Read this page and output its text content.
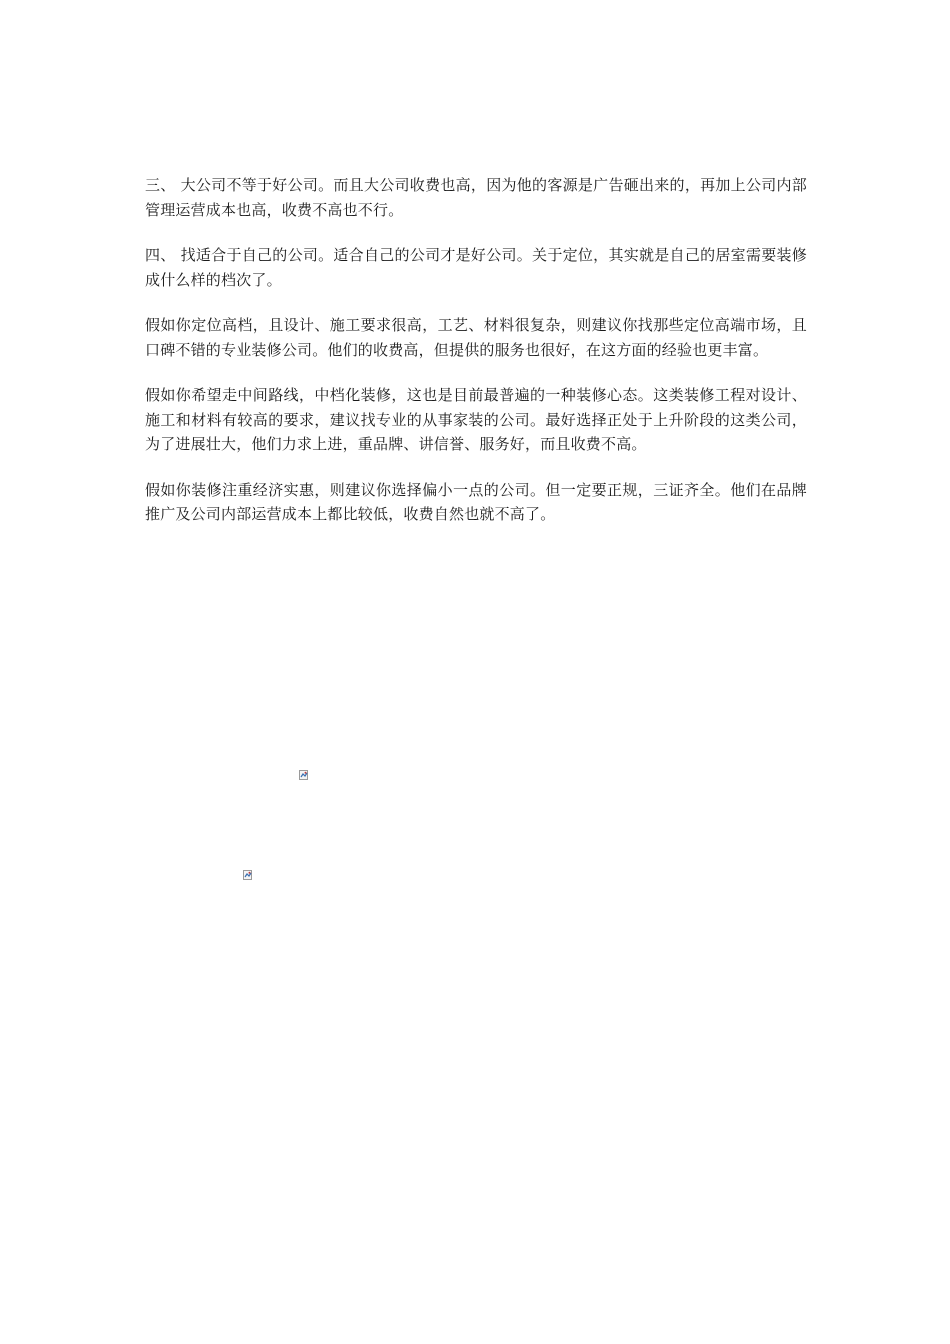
三、 大公司不等于好公司。而且大公司收费也高，因为他的客源是广告砸出来的，再加上公司内部管理运营成本也高，收费不高也不行。

四、 找适合于自己的公司。适合自己的公司才是好公司。关于定位，其实就是自己的居室需要装修成什么样的档次了。

假如你定位高档，且设计、施工要求很高，工艺、材料很复杂，则建议你找那些定位高端市场，且口碑不错的专业装修公司。他们的收费高，但提供的服务也很好，在这方面的经验也更丰富。

假如你希望走中间路线，中档化装修，这也是目前最普遍的一种装修心态。这类装修工程对设计、施工和材料有较高的要求，建议找专业的从事家装的公司。最好选择正处于上升阶段的这类公司，为了进展壮大，他们力求上进，重品牌、讲信誉、服务好，而且收费不高。

假如你装修注重经济实惠，则建议你选择偏小一点的公司。但一定要正规，三证齐全。他们在品牌推广及公司内部运营成本上都比较低，收费自然也就不高了。
